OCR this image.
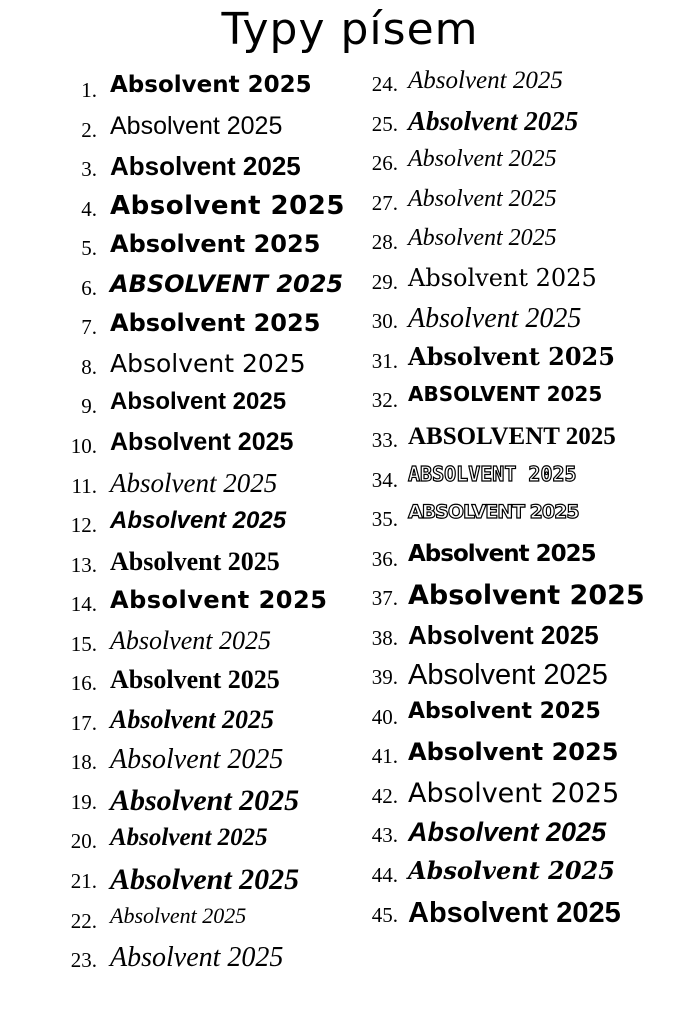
Typy písem
1. Absolvent 2025
2. Absolvent 2025
3. Absolvent 2025
4. Absolvent 2025
5. Absolvent 2025
6. ABSOLVENT 2025
7. Absolvent 2025
8. Absolvent 2025
9. Absolvent 2025
10. Absolvent 2025
11. Absolvent 2025
12. Absolvent 2025
13. Absolvent 2025
14. Absolvent 2025
15. Absolvent 2025
16. Absolvent 2025
17. Absolvent 2025
18. Absolvent 2025
19. Absolvent 2025
20. Absolvent 2025
21. Absolvent 2025
22. Absolvent 2025
23. Absolvent 2025
24. Absolvent 2025
25. Absolvent 2025
26. Absolvent 2025
27. Absolvent 2025
28. Absolvent 2025
29. Absolvent 2025
30. Absolvent 2025
31. Absolvent 2025
32. ABSOLVENT 2025
33. ABSOLVENT 2025
34. ABSOLVENT 2025
35. ABSOLVENT 2025
36. Absolvent 2025
37. Absolvent 2025
38. Absolvent 2025
39. Absolvent 2025
40. Absolvent 2025
41. Absolvent 2025
42. Absolvent 2025
43. Absolvent 2025
44. Absolvent 2025
45. Absolvent 2025
